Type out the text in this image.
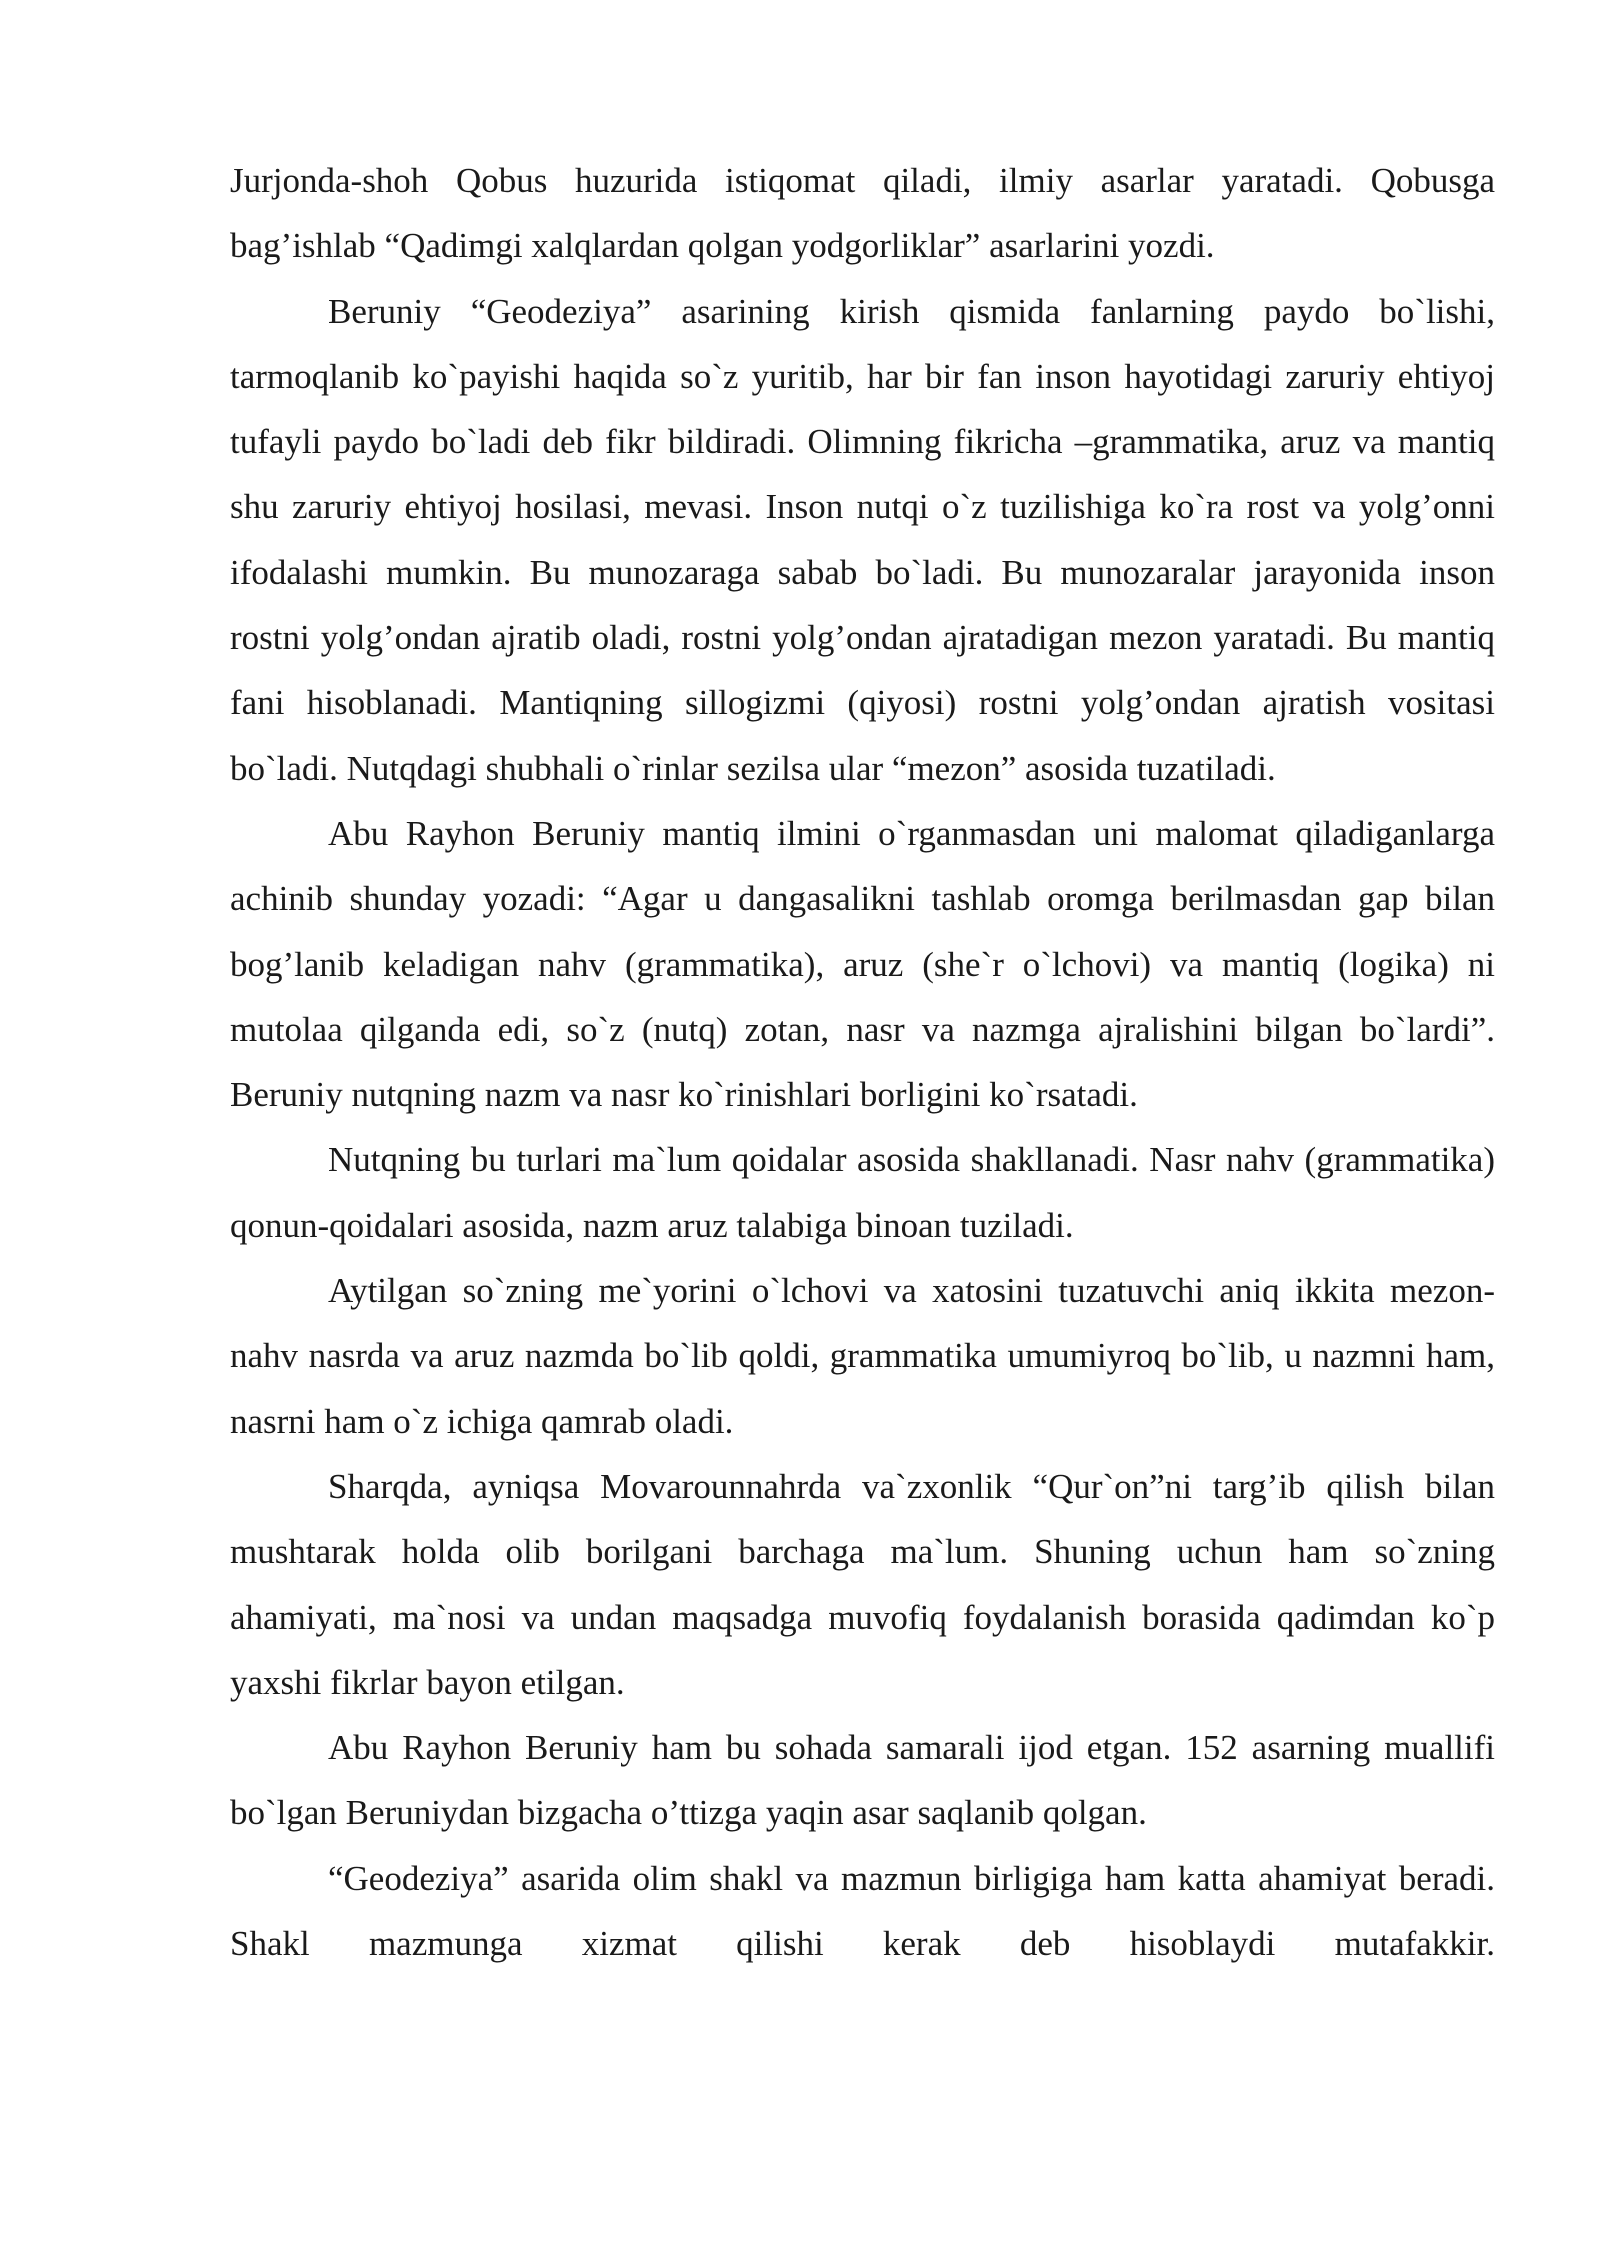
Jurjonda-shoh Qobus huzurida istiqomat qiladi, ilmiy asarlar yaratadi. Qobusga bag’ishlab “Qadimgi xalqlardan qolgan yodgorliklar” asarlarini yozdi.

Beruniy “Geodeziya” asarining kirish qismida fanlarning paydo bo`lishi, tarmoqlanib ko`payishi haqida so`z yuritib, har bir fan inson hayotidagi zaruriy ehtiyoj tufayli paydo bo`ladi deb fikr bildiradi. Olimning fikricha –grammatika, aruz va mantiq shu zaruriy ehtiyoj hosilasi, mevasi. Inson nutqi o`z tuzilishiga ko`ra rost va yolg’onni ifodalashi mumkin. Bu munozaraga sabab bo`ladi. Bu munozaralar jarayonida inson rostni yolg’ondan ajratib oladi, rostni yolg’ondan ajratadigan mezon yaratadi. Bu mantiq fani hisoblanadi. Mantiqning sillogizmi (qiyosi) rostni yolg’ondan ajratish vositasi bo`ladi. Nutqdagi shubhali o`rinlar sezilsa ular “mezon” asosida tuzatiladi.

Abu Rayhon Beruniy mantiq ilmini o`rganmasdan uni malomat qiladiganlarga achinib shunday yozadi: “Agar u dangasalikni tashlab oromga berilmasdan gap bilan bog’lanib keladigan nahv (grammatika), aruz (she`r o`lchovi) va mantiq (logika) ni mutolaa qilganda edi, so`z (nutq) zotan, nasr va nazmga ajralishini bilgan bo`lardi”. Beruniy nutqning nazm va nasr ko`rinishlari borligini ko`rsatadi.

Nutqning bu turlari ma`lum qoidalar asosida shakllanadi. Nasr nahv (grammatika) qonun-qoidalari asosida, nazm aruz talabiga binoan tuziladi.

Aytilgan so`zning me`yorini o`lchovi va xatosini tuzatuvchi aniq ikkita mezon-nahv nasrda va aruz nazmda bo`lib qoldi, grammatika umumiyroq bo`lib, u nazmni ham, nasrni ham o`z ichiga qamrab oladi.

Sharqda, ayniqsa Movarounnahrda va`zxonlik “Qur`on”ni targ’ib qilish bilan mushtarak holda olib borilgani barchaga ma`lum. Shuning uchun ham so`zning ahamiyati, ma`nosi va undan maqsadga muvofiq foydalanish borasida qadimdan ko`p yaxshi fikrlar bayon etilgan.

Abu Rayhon Beruniy ham bu sohada samarali ijod etgan. 152 asarning muallifi bo`lgan Beruniydan bizgacha o’ttizga yaqin asar saqlanib qolgan.

“Geodeziya” asarida olim shakl va mazmun birligiga ham katta ahamiyat beradi. Shakl mazmunga xizmat qilishi kerak deb hisoblaydi mutafakkir.
